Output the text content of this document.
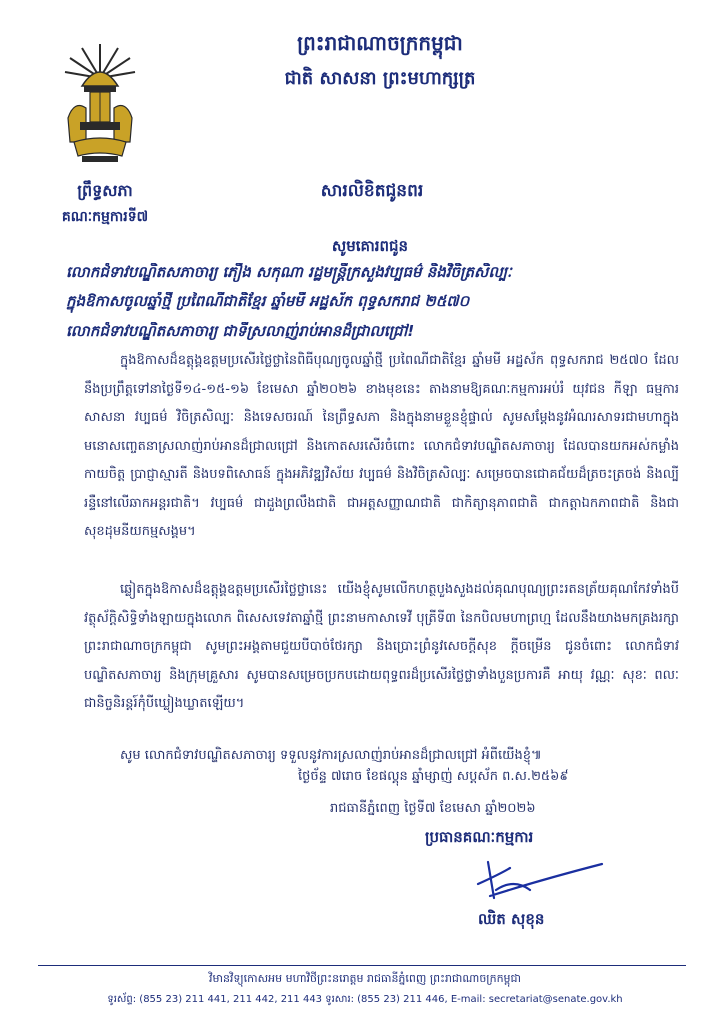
ព្រះរាជាណាចក្រកម្ពុជា
ជាតិ សាសនា ព្រះមហាក្សត្រ
ព្រឹទ្ធសភា
គណៈកម្មការទី៧
សារលិខិតជូនពរ
សូមគោរពជូន
លោកជំទាវបណ្ឌិតសភាចារ្យ ភឿង សកុណា រដ្ឋមន្ត្រីក្រសួងវប្បធម៌ និងវិចិត្រសិល្បៈ
ក្នុងឱកាសចូលឆ្នាំថ្មី ប្រពៃណីជាតិខ្មែរ ឆ្នាំមមី អដ្ឋស័ក ពុទ្ធសករាជ ២៥៧០
លោកជំទាវបណ្ឌិតសភាចារ្យ ជាទីស្រលាញ់រាប់អានដ៏ជ្រាលជ្រៅ!
ក្នុងឱកាសដ៏ឧត្តុង្គឧត្តមប្រសើរថ្លៃថ្លានៃពិធីបុណ្យចូលឆ្នាំថ្មី ប្រពៃណីជាតិខ្មែរ ឆ្នាំមមី អដ្ឋស័ក ពុទ្ធសករាជ ២៥៧០ ដែលនឹងប្រព្រឹត្តទៅនាថ្ងៃទី១៤-១៥-១៦ ខែមេសា ឆ្នាំ២០២៦ ខាងមុខនេះ តាងនាមឱ្យគណៈកម្មការអប់រំ យុវជន កីឡា ធម្មការ សាសនា វប្បធម៌ វិចិត្រសិល្បៈ និងទេសចរណ៍ នៃព្រឹទ្ធសភា និងក្នុងនាមខ្លួនខ្ញុំផ្ទាល់ សូមសម្តែងនូវអំណរសាទរជាមហាក្នុងមនោសញ្ចេតនាស្រលាញ់រាប់អានដ៏ជ្រាលជ្រៅ និងកោតសរសើរចំពោះ លោកជំទាវបណ្ឌិតសភាចារ្យ ដែលបានយកអស់កម្លាំងកាយចិត្ត ប្រាជ្ញាស្មារតី និងបទពិសោធន៍ ក្នុងអភិវឌ្ឍវិស័យ វប្បធម៌ និងវិចិត្រសិល្បៈ សម្រេចបានជោគជ័យដ៏ត្រចះត្រចង់ និងល្បីរន្ទឺនៅលើឆាកអន្តរជាតិ។ វប្បធម៌ ជាដួងព្រលឹងជាតិ ជាអត្តសញ្ញាណជាតិ ជាកិត្យានុភាពជាតិ ជាកត្តាឯកភាពជាតិ និងជាសុខដុមនីយកម្មសង្គម។
ឆ្លៀតក្នុងឱកាសដ៏ឧត្តុង្គឧត្តមប្រសើរថ្លៃថ្លានេះ យើងខ្ញុំសូមលើកហត្ថបួងសួងដល់គុណបុណ្យព្រះរតនត្រ័យគុណកែវទាំងបី វត្ថុស័ក្តិសិទ្ធិទាំងឡាយក្នុងលោក ពិសេសទេវតាឆ្នាំថ្មី ព្រះនាមកាសាទេវី បុត្រីទី៣ នៃកបិលមហាព្រហ្ម ដែលនឹងយាងមកគ្រងរក្សាព្រះរាជាណាចក្រកម្ពុជា សូមព្រះអង្គតាមជួយបីបាច់ថែរក្សា និងប្រោះព្រំនូវសេចក្តីសុខ ក្តីចម្រើន ជូនចំពោះ លោកជំទាវបណ្ឌិតសភាចារ្យ និងក្រុមគ្រួសារ សូមបានសម្រេចប្រកបដោយពុទ្ធពរដ៏ប្រសើរថ្លៃថ្លាទាំងបួនប្រការគឺ អាយុ វណ្ណៈ សុខៈ ពលៈ ជានិច្ចនិរន្តរ៍កុំបីឃ្លៀងឃ្លាតឡើយ។
សូម លោកជំទាវបណ្ឌិតសភាចារ្យ ទទួលនូវការស្រលាញ់រាប់អានដ៏ជ្រាលជ្រៅ អំពីយើងខ្ញុំ៕
ថ្ងៃច័ន្ទ ៧រោច ខែផល្គុន ឆ្នាំម្សាញ់ សប្តស័ក ព.ស.២៥៦៩
រាជធានីភ្នំពេញ ថ្ងៃទី៧ ខែមេសា ឆ្នាំ២០២៦
ប្រធានគណៈកម្មការ
ឈិត សុខុន
វិមានវិទ្យុកោសអម មហាវិថីព្រះនរោត្តម រាជធានីភ្នំពេញ ព្រះរាជាណាចក្រកម្ពុជា
ទូរស័ព្ទ: (855 23) 211 441, 211 442, 211 443 ទូរសារ: (855 23) 211 446, E-mail: secretariat@senate.gov.kh
